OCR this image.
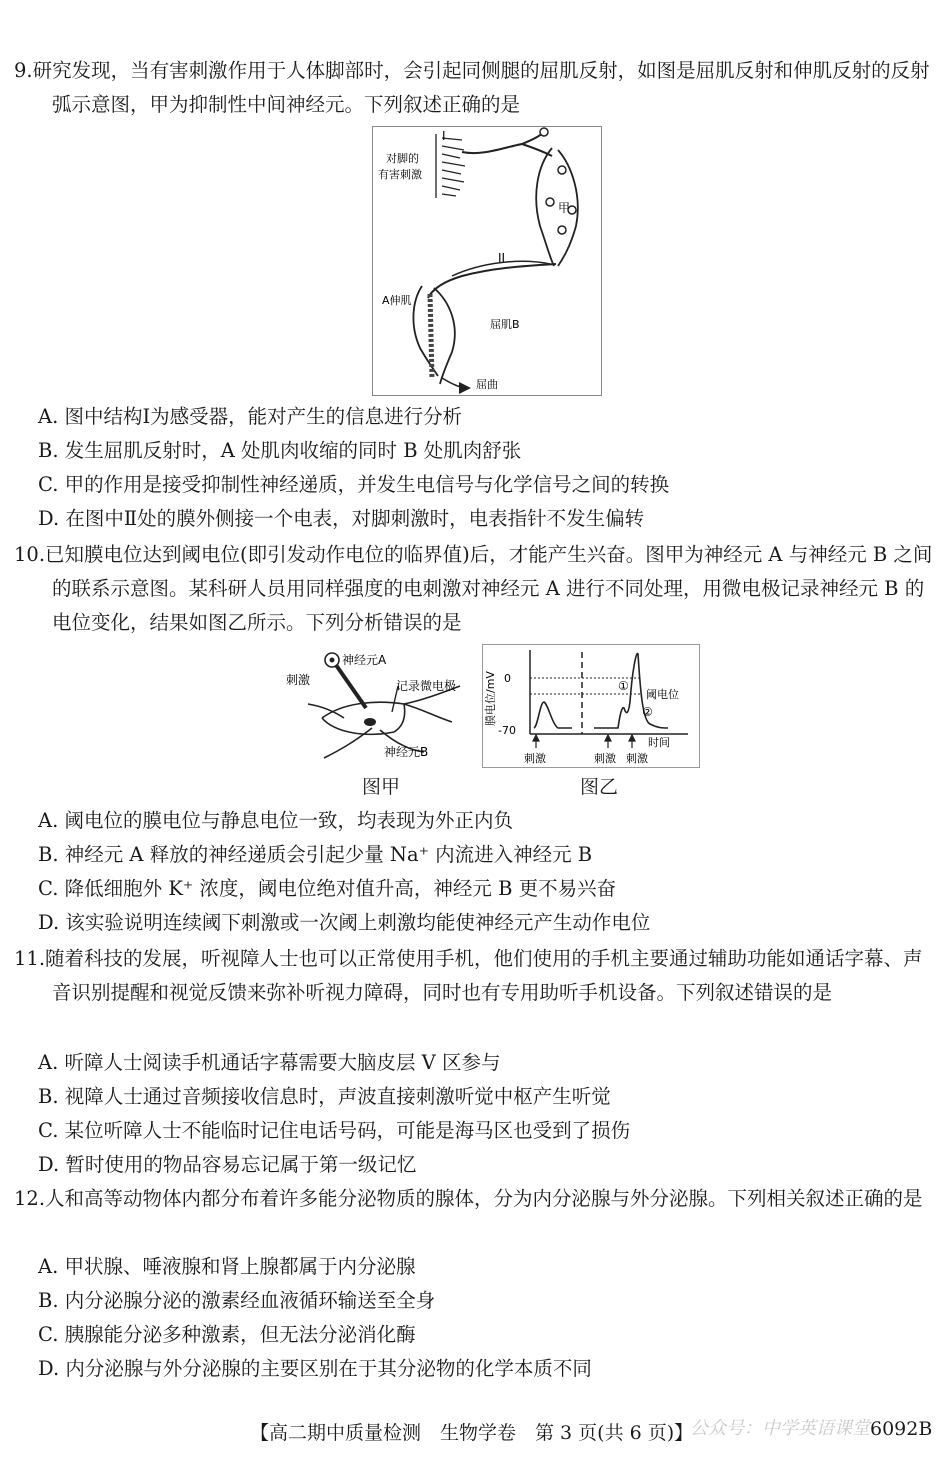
9.研究发现，当有害刺激作用于人体脚部时，会引起同侧腿的屈肌反射，如图是屈肌反射和伸肌反射的反射弧示意图，甲为抑制性中间神经元。下列叙述正确的是

I
对脚的
有害刺激
甲
II
A伸肌
屈肌B
屈曲
A. 图中结构Ⅰ为感受器，能对产生的信息进行分析
B. 发生屈肌反射时，A 处肌肉收缩的同时 B 处肌肉舒张
C. 甲的作用是接受抑制性神经递质，并发生电信号与化学信号之间的转换
D. 在图中Ⅱ处的膜外侧接一个电表，对脚刺激时，电表指针不发生偏转

10.已知膜电位达到阈电位(即引发动作电位的临界值)后，才能产生兴奋。图甲为神经元 A 与神经元 B 之间的联系示意图。某科研人员用同样强度的电刺激对神经元 A 进行不同处理，用微电极记录神经元 B 的电位变化，结果如图乙所示。下列分析错误的是

神经元A
刺激	记录微电极
神经元B
图甲
0
-70
膜电位/mV
时间
阈电位
①
②
刺激	刺激 刺激
图乙
A. 阈电位的膜电位与静息电位一致，均表现为外正内负
B. 神经元 A 释放的神经递质会引起少量 Na⁺ 内流进入神经元 B
C. 降低细胞外 K⁺ 浓度，阈电位绝对值升高，神经元 B 更不易兴奋
D. 该实验说明连续阈下刺激或一次阈上刺激均能使神经元产生动作电位

11.随着科技的发展，听视障人士也可以正常使用手机，他们使用的手机主要通过辅助功能如通话字幕、声音识别提醒和视觉反馈来弥补听视力障碍，同时也有专用助听手机设备。下列叙述错误的是

A. 听障人士阅读手机通话字幕需要大脑皮层 V 区参与
B. 视障人士通过音频接收信息时，声波直接刺激听觉中枢产生听觉
C. 某位听障人士不能临时记住电话号码，可能是海马区也受到了损伤
D. 暂时使用的物品容易忘记属于第一级记忆

12.人和高等动物体内都分布着许多能分泌物质的腺体，分为内分泌腺与外分泌腺。下列相关叙述正确的是

A. 甲状腺、唾液腺和肾上腺都属于内分泌腺
B. 内分泌腺分泌的激素经血液循环输送至全身
C. 胰腺能分泌多种激素，但无法分泌消化酶
D. 内分泌腺与外分泌腺的主要区别在于其分泌物的化学本质不同
公众号：中学英语课堂
【高二期中质量检测　生物学卷　第 3 页(共 6 页)】	6092B
